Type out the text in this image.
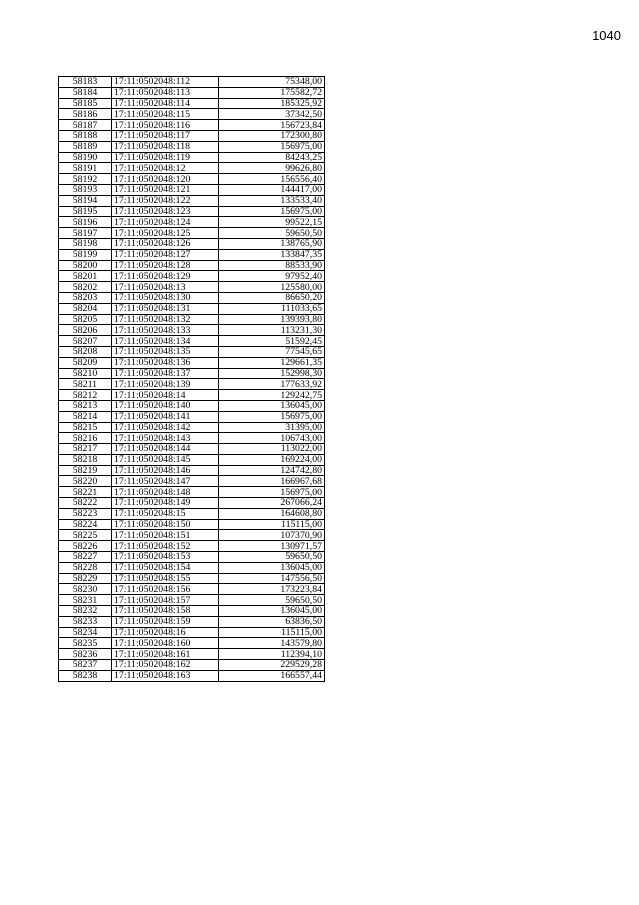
1040
58183	17:11:0502048:112	75348,00
58184	17:11:0502048:113	175582,72
58185	17:11:0502048:114	185325,92
58186	17:11:0502048:115	37342,50
58187	17:11:0502048:116	156723,84
58188	17:11:0502048:117	172300,80
58189	17:11:0502048:118	156975,00
58190	17:11:0502048:119	84243,25
58191	17:11:0502048:12	99626,80
58192	17:11:0502048:120	156556,40
58193	17:11:0502048:121	144417,00
58194	17:11:0502048:122	133533,40
58195	17:11:0502048:123	156975,00
58196	17:11:0502048:124	99522,15
58197	17:11:0502048:125	59650,50
58198	17:11:0502048:126	138765,90
58199	17:11:0502048:127	133847,35
58200	17:11:0502048:128	88533,90
58201	17:11:0502048:129	97952,40
58202	17:11:0502048:13	125580,00
58203	17:11:0502048:130	86650,20
58204	17:11:0502048:131	111033,65
58205	17:11:0502048:132	139393,80
58206	17:11:0502048:133	113231,30
58207	17:11:0502048:134	51592,45
58208	17:11:0502048:135	77545,65
58209	17:11:0502048:136	129661,35
58210	17:11:0502048:137	152998,30
58211	17:11:0502048:139	177633,92
58212	17:11:0502048:14	129242,75
58213	17:11:0502048:140	136045,00
58214	17:11:0502048:141	156975,00
58215	17:11:0502048:142	31395,00
58216	17:11:0502048:143	106743,00
58217	17:11:0502048:144	113022,00
58218	17:11:0502048:145	169224,00
58219	17:11:0502048:146	124742,80
58220	17:11:0502048:147	166967,68
58221	17:11:0502048:148	156975,00
58222	17:11:0502048:149	267066,24
58223	17:11:0502048:15	164608,80
58224	17:11:0502048:150	115115,00
58225	17:11:0502048:151	107370,90
58226	17:11:0502048:152	130971,57
58227	17:11:0502048:153	59650,50
58228	17:11:0502048:154	136045,00
58229	17:11:0502048:155	147556,50
58230	17:11:0502048:156	173223,84
58231	17:11:0502048:157	59650,50
58232	17:11:0502048:158	136045,00
58233	17:11:0502048:159	63836,50
58234	17:11:0502048:16	115115,00
58235	17:11:0502048:160	143579,80
58236	17:11:0502048:161	112394,10
58237	17:11:0502048:162	229529,28
58238	17:11:0502048:163	166557,44
